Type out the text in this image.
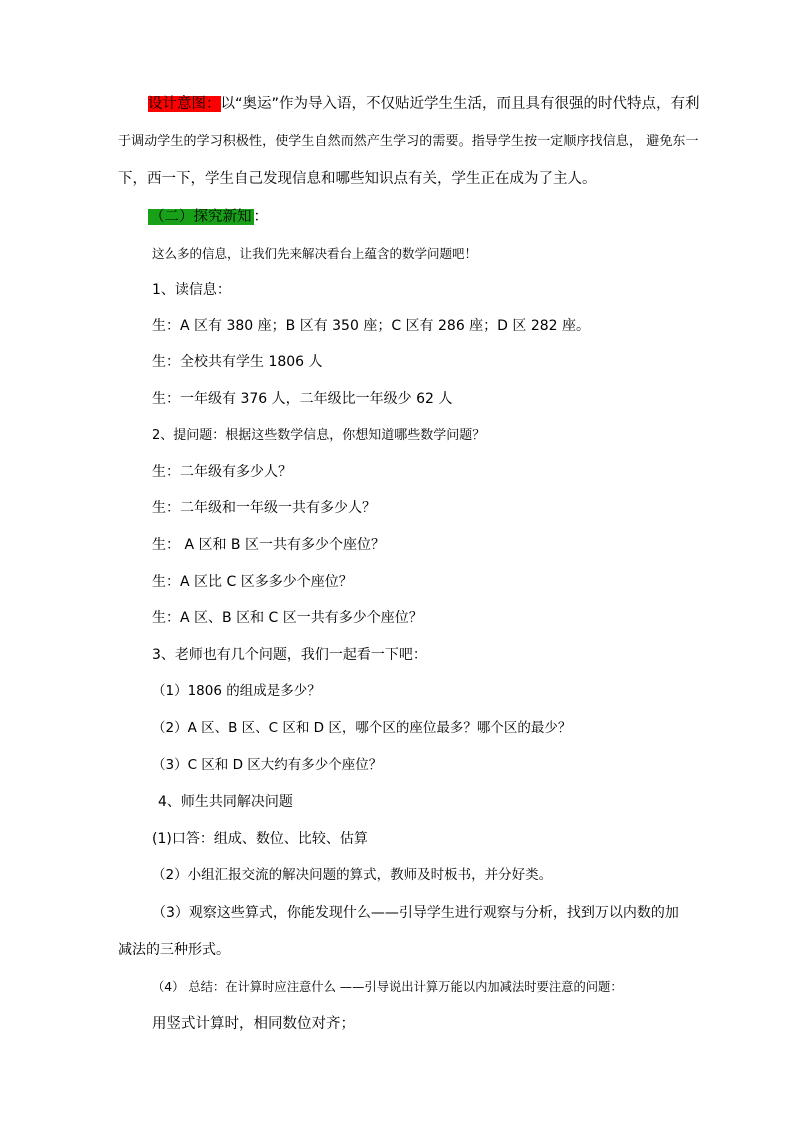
设计意图：以“奥运”作为导入语，不仅贴近学生生活，而且具有很强的时代特点，有利
于调动学生的学习积极性，使学生自然而然产生学习的需要。指导学生按一定顺序找信息， 避免东一
下，西一下，学生自己发现信息和哪些知识点有关，学生正在成为了主人。
（二）探究新知 ：
这么多的信息，让我们先来解决看台上蕴含的数学问题吧！
1、读信息：
生：A 区有 380 座；B 区有 350 座；C 区有 286 座；D 区 282 座。
生：全校共有学生 1806 人
生：一年级有 376 人，二年级比一年级少 62 人
2、提问题：根据这些数学信息，你想知道哪些数学问题？
生：二年级有多少人？
生：二年级和一年级一共有多少人？
生： A 区和 B 区一共有多少个座位？
生：A 区比 C 区多多少个座位？
生：A 区、B 区和 C 区一共有多少个座位？
3、老师也有几个问题，我们一起看一下吧：
（1）1806 的组成是多少？
（2）A 区、B 区、C 区和 D 区，哪个区的座位最多？哪个区的最少？
（3）C 区和 D 区大约有多少个座位？
4、师生共同解决问题
(1)口答：组成、数位、比较、估算
（2）小组汇报交流的解决问题的算式，教师及时板书，并分好类。
（3）观察这些算式，你能发现什么——引导学生进行观察与分析，找到万以内数的加
减法的三种形式。
（4） 总结：在计算时应注意什么 ——引导说出计算万能以内加减法时要注意的问题：
用竖式计算时，相同数位对齐；
